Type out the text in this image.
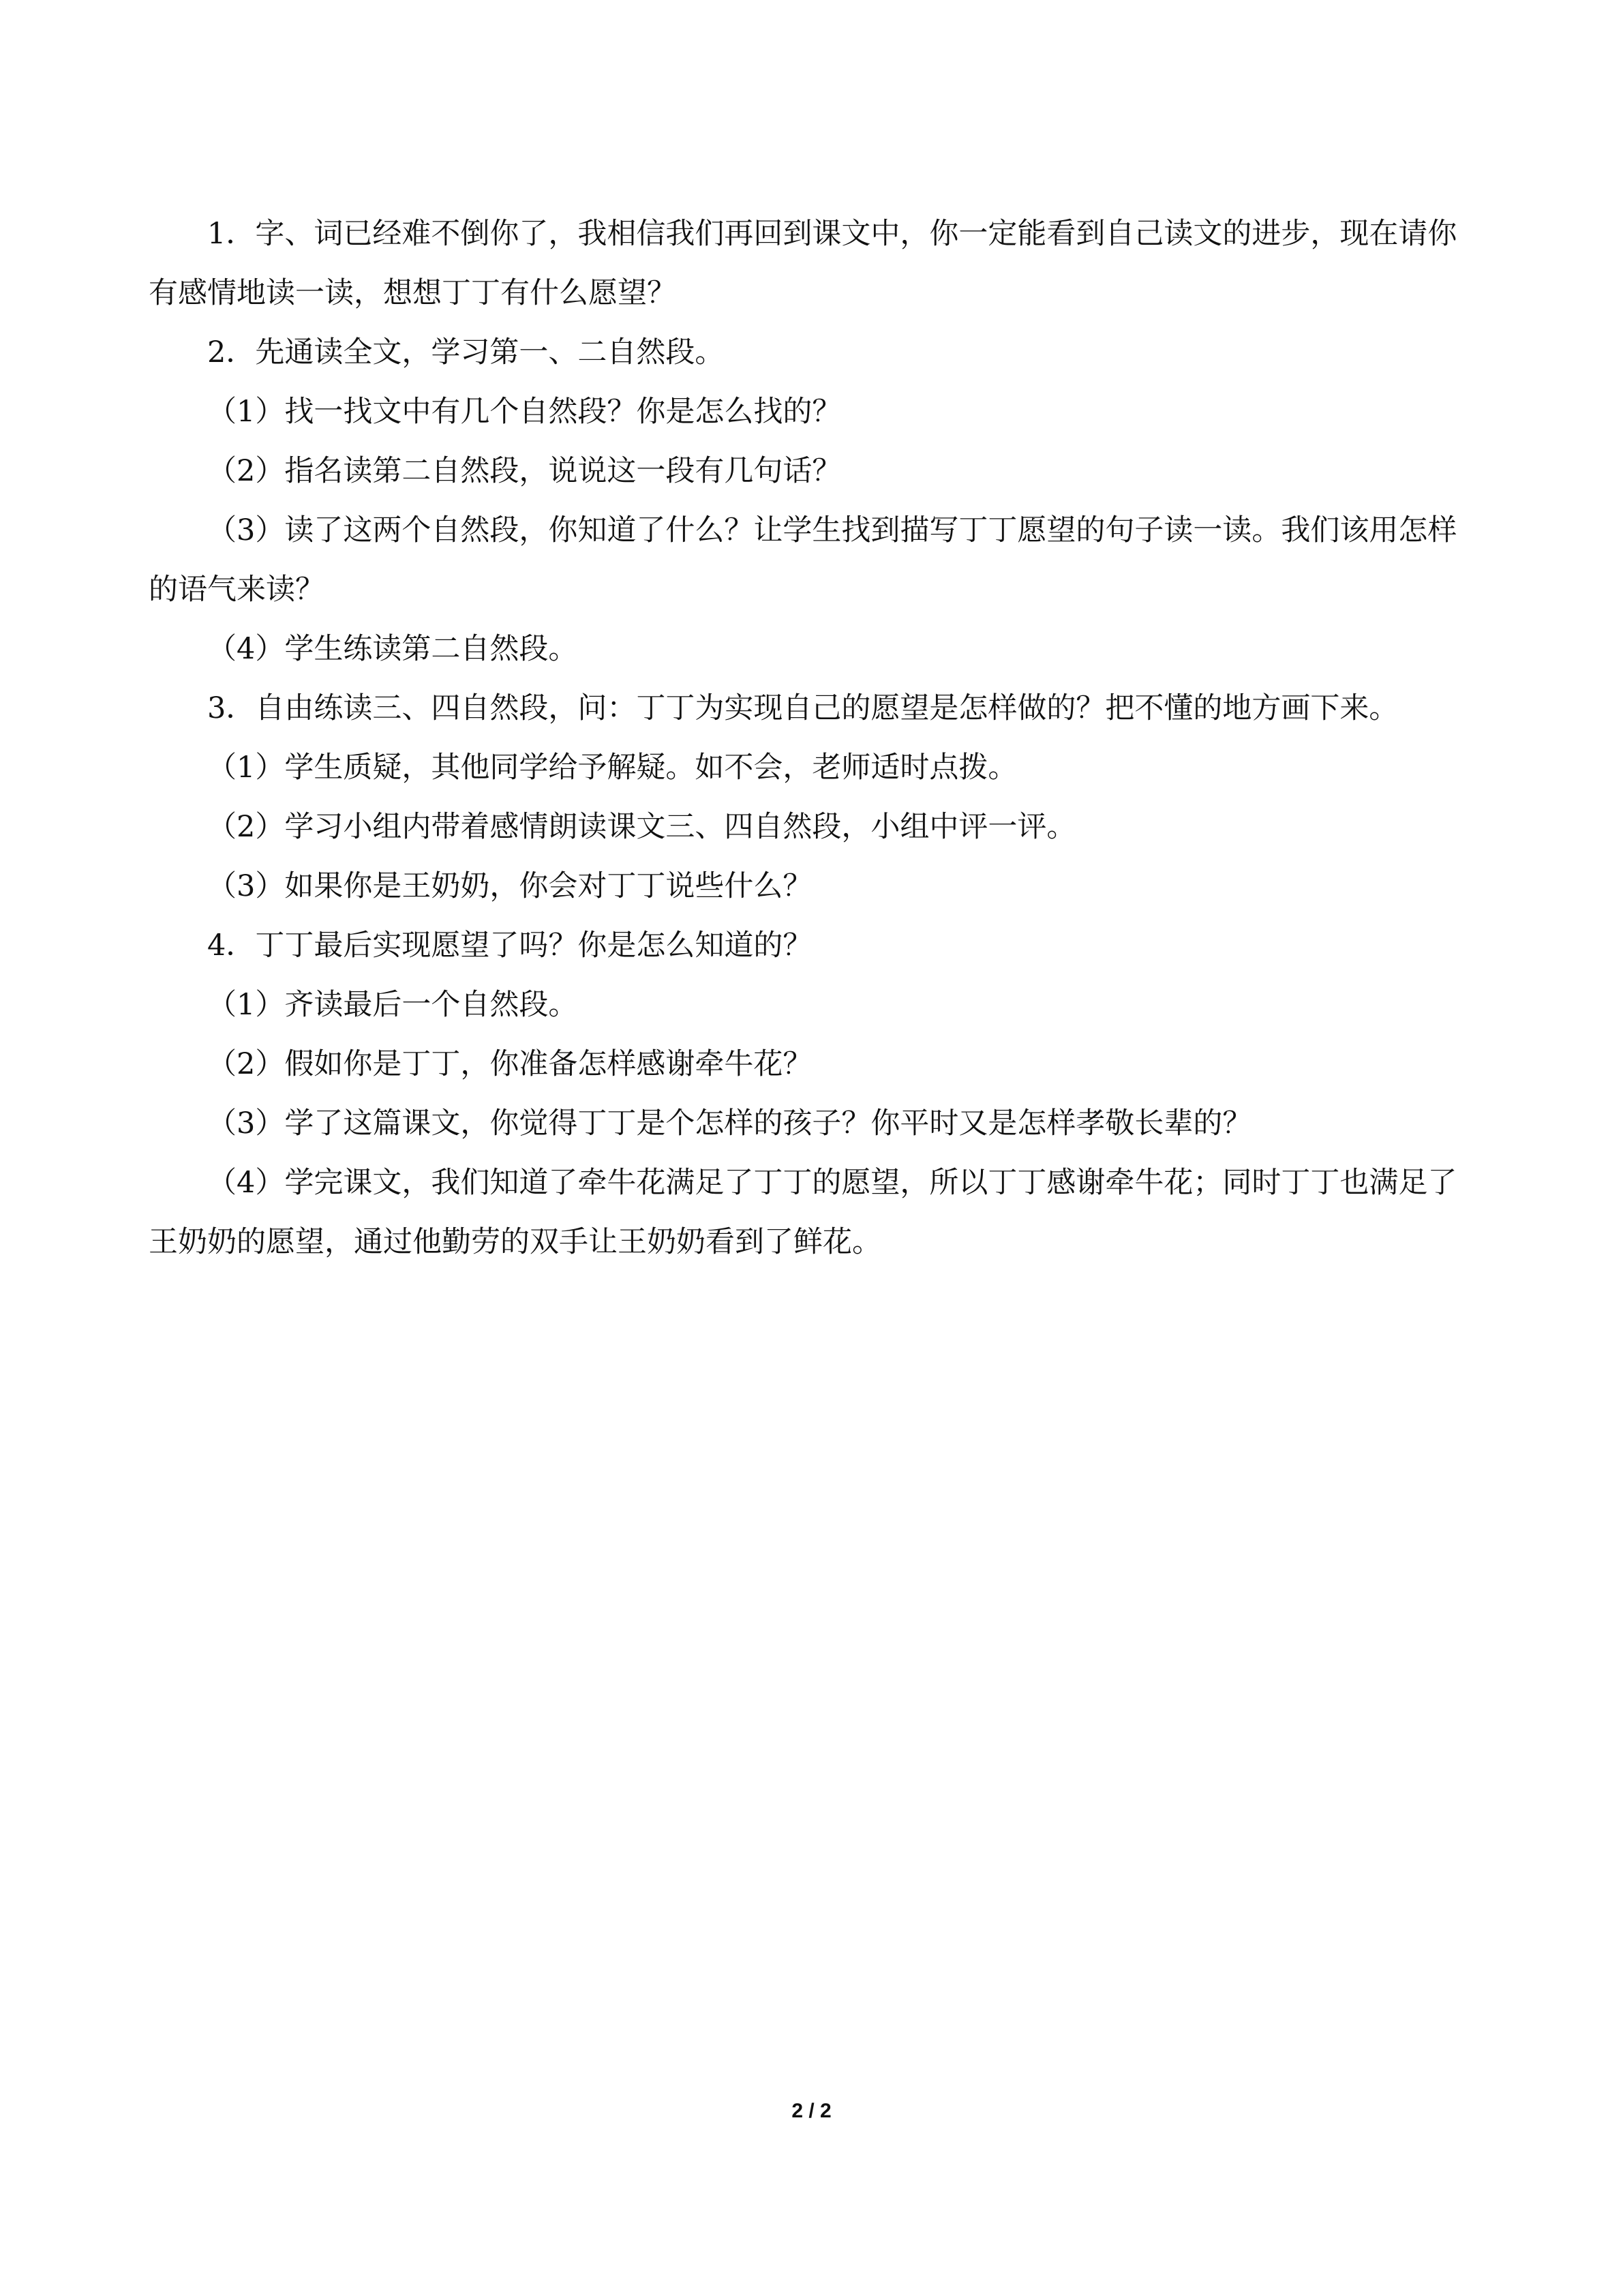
1．字、词已经难不倒你了，我相信我们再回到课文中，你一定能看到自己读文的进步，现在请你有感情地读一读，想想丁丁有什么愿望？

2．先通读全文，学习第一、二自然段。

（1）找一找文中有几个自然段？你是怎么找的？

（2）指名读第二自然段，说说这一段有几句话？

（3）读了这两个自然段，你知道了什么？让学生找到描写丁丁愿望的句子读一读。我们该用怎样的语气来读？

（4）学生练读第二自然段。

3．自由练读三、四自然段，问：丁丁为实现自己的愿望是怎样做的？把不懂的地方画下来。

（1）学生质疑，其他同学给予解疑。如不会，老师适时点拨。

（2）学习小组内带着感情朗读课文三、四自然段，小组中评一评。

（3）如果你是王奶奶，你会对丁丁说些什么？

4．丁丁最后实现愿望了吗？你是怎么知道的？

（1）齐读最后一个自然段。

（2）假如你是丁丁，你准备怎样感谢牵牛花？

（3）学了这篇课文，你觉得丁丁是个怎样的孩子？你平时又是怎样孝敬长辈的？

（4）学完课文，我们知道了牵牛花满足了丁丁的愿望，所以丁丁感谢牵牛花；同时丁丁也满足了王奶奶的愿望，通过他勤劳的双手让王奶奶看到了鲜花。

2 / 2
